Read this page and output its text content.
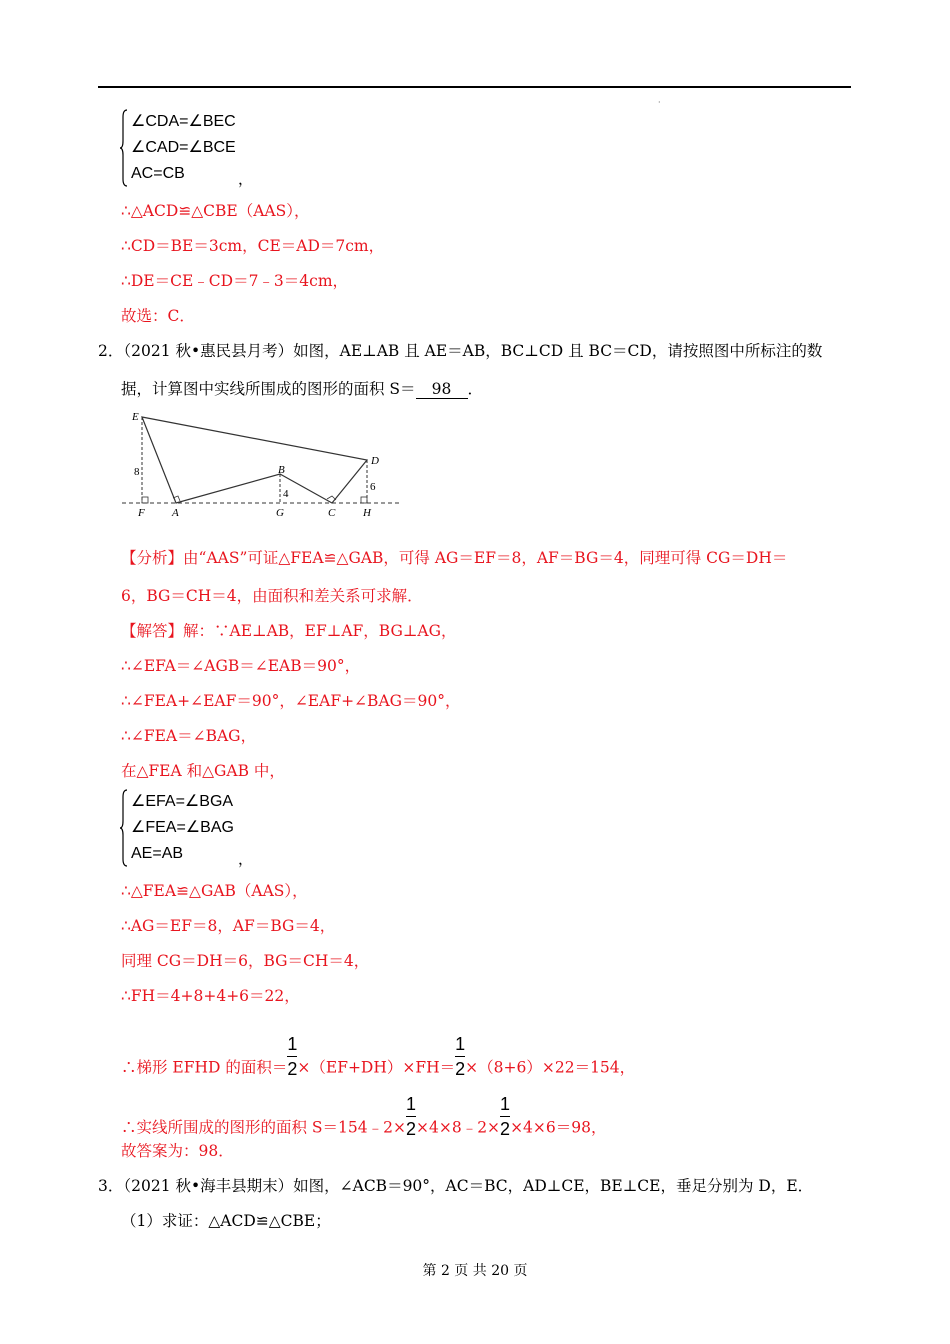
·
∠CDA=∠BEC
∠CAD=∠BCE
AC=CB	，
∴△ACD≌△CBE（AAS），
∴CD＝BE＝3cm，CE＝AD＝7cm，
∴DE＝CE﹣CD＝7﹣3＝4cm，
故选：C．
2．（2021 秋•惠民县月考）如图，AE⊥AB 且 AE＝AB，BC⊥CD 且 BC＝CD，请按照图中所标注的数
据，计算图中实线所围成的图形的面积 S＝ 98 ．
E
B
D
F A	G	C	H
8
4
6
【分析】由“AAS”可证△FEA≌△GAB，可得 AG＝EF＝8，AF＝BG＝4，同理可得 CG＝DH＝
6，BG＝CH＝4，由面积和差关系可求解．
【解答】解：∵AE⊥AB，EF⊥AF，BG⊥AG，
∴∠EFA＝∠AGB＝∠EAB＝90°，
∴∠FEA+∠EAF＝90°，∠EAF+∠BAG＝90°，
∴∠FEA＝∠BAG，
在△FEA 和△GAB 中，
∠EFA=∠BGA
∠FEA=∠BAG
AE=AB	，
∴△FEA≌△GAB（AAS），
∴AG＝EF＝8，AF＝BG＝4，
同理 CG＝DH＝6，BG＝CH＝4，
∴FH＝4+8+4+6＝22，
∴梯形 EFHD 的面积$=\frac{1}{2}\times(EF+DH)\times FH=\frac{1}{2}\times(8+6)\times 22=154$，
∴实线所围成的图形的面积 $S=154﹣2\times\frac{1}{2}\times 4\times 8﹣2\times\frac{1}{2}\times 4\times 6=98$，
故答案为：98．
3．（2021 秋•海丰县期末）如图，∠ACB＝90°，AC＝BC，AD⊥CE，BE⊥CE，垂足分别为 D，E．
（1）求证：△ACD≌△CBE；
第 2 页 共 20 页
